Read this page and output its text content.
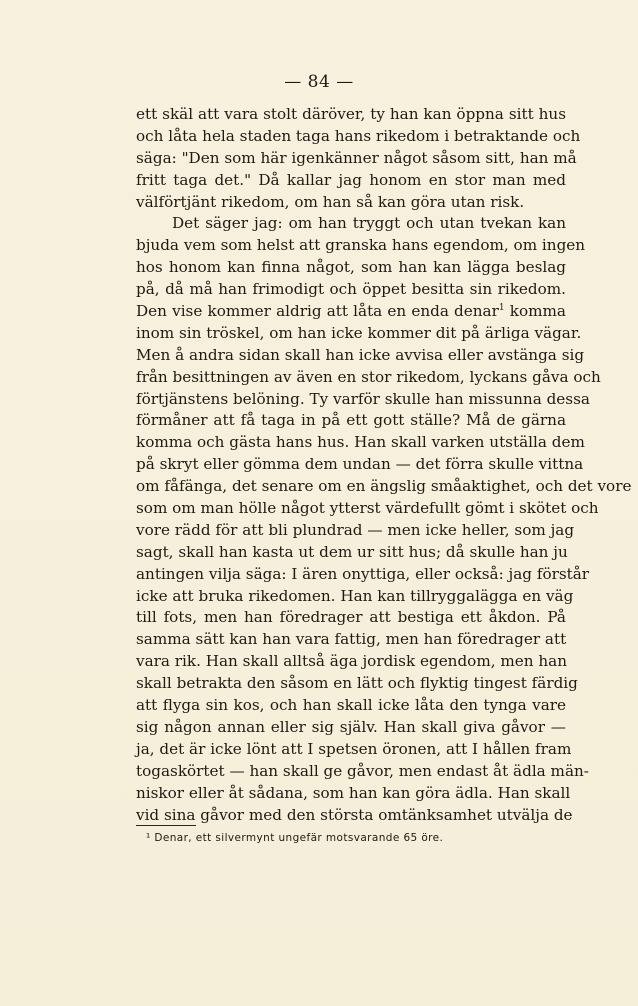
— 84 —
ett skäl att vara stolt däröver, ty han kan öppna sitt hus
och låta hela staden taga hans rikedom i betraktande och
säga: "Den som här igenkänner något såsom sitt, han må
fritt taga det." Då kallar jag honom en stor man med
välförtjänt rikedom, om han så kan göra utan risk.
Det säger jag: om han tryggt och utan tvekan kan
bjuda vem som helst att granska hans egendom, om ingen
hos honom kan finna något, som han kan lägga beslag
på, då må han frimodigt och öppet besitta sin rikedom.
Den vise kommer aldrig att låta en enda denar$^1$ komma
inom sin tröskel, om han icke kommer dit på ärliga vägar.
Men å andra sidan skall han icke avvisa eller avstänga sig
från besittningen av även en stor rikedom, lyckans gåva och
förtjänstens belöning. Ty varför skulle han missunna dessa
förmåner att få taga in på ett gott ställe? Må de gärna
komma och gästa hans hus. Han skall varken utställa dem
på skryt eller gömma dem undan — det förra skulle vittna
om fåfänga, det senare om en ängslig småaktighet, och det vore
som om man hölle något ytterst värdefullt gömt i skötet och
vore rädd för att bli plundrad — men icke heller, som jag
sagt, skall han kasta ut dem ur sitt hus; då skulle han ju
antingen vilja säga: I ären onyttiga, eller också: jag förstår
icke att bruka rikedomen. Han kan tillryggalägga en väg
till fots, men han föredrager att bestiga ett åkdon. På
samma sätt kan han vara fattig, men han föredrager att
vara rik. Han skall alltså äga jordisk egendom, men han
skall betrakta den såsom en lätt och flyktig tingest färdig
att flyga sin kos, och han skall icke låta den tynga vare
sig någon annan eller sig själv. Han skall giva gåvor —
ja, det är icke lönt att I spetsen öronen, att I hållen fram
togaskörtet — han skall ge gåvor, men endast åt ädla män-
niskor eller åt sådana, som han kan göra ädla. Han skall
vid sina gåvor med den största omtänksamhet utvälja de
¹ Denar, ett silvermynt ungefär motsvarande 65 öre.
